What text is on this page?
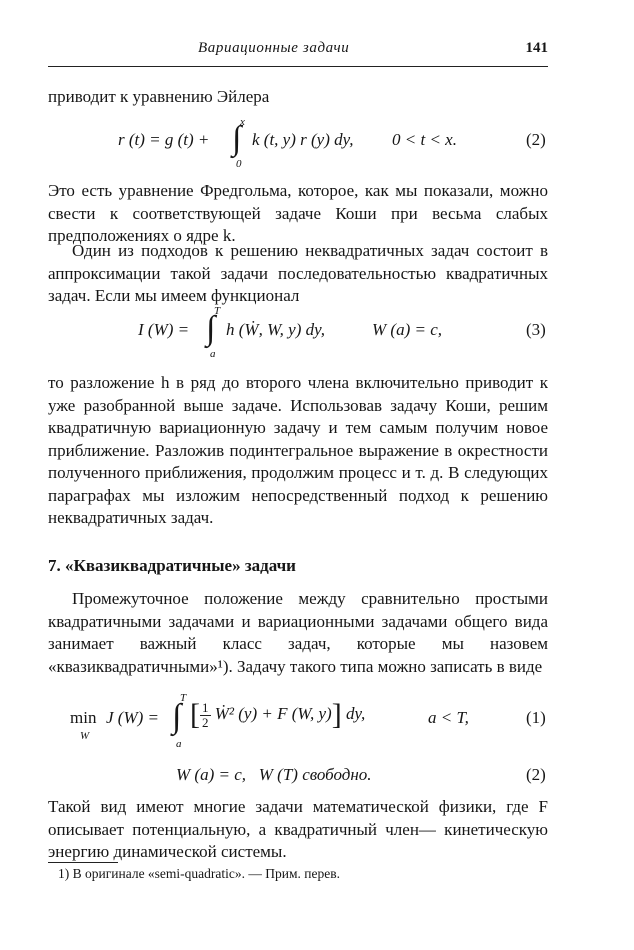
Вариационные задачи	141
приводит к уравнению Эйлера
r (t) = g (t) + ∫
x
0
k (t, y) r (y) dy, 0 < t < x.	(2)
Это есть уравнение Фредгольма, которое, как мы показали, можно свести к соответствующей задаче Коши при весьма слабых предположениях о ядре k.
Один из подходов к решению неквадратичных задач состоит в аппроксимации такой задачи последовательностью квадратичных задач. Если мы имеем функционал
I (W) = ∫
T
a
h (Ẇ, W, y) dy,	W (a) = c,	(3)
то разложение h в ряд до второго члена включительно приводит к уже разобранной выше задаче. Использовав задачу Коши, решим квадратичную вариационную задачу и тем самым получим новое приближение. Разложив подинтегральное выражение в окрестности полученного приближения, продолжим процесс и т. д. В следующих параграфах мы изложим непосредственный подход к решению неквадратичных задач.
7. «Квазиквадратичные» задачи
Промежуточное положение между сравнительно простыми квадратичными задачами и вариационными задачами общего вида занимает важный класс задач, которые мы назовем «квазиквадратичными»¹). Задачу такого типа можно записать в виде
min
W
J (W) = ∫
T
a
[ $\frac{1}{2}$ Ẇ² (y) + F (W, y)] dy,	a < T,	(1)
W (a) = c,   W (T) свободно.	(2)
Такой вид имеют многие задачи математической физики, где F описывает потенциальную, а квадратичный член— кинетическую энергию динамической системы.
1) В оригинале «semi-quadratic». — Прим. перев.
